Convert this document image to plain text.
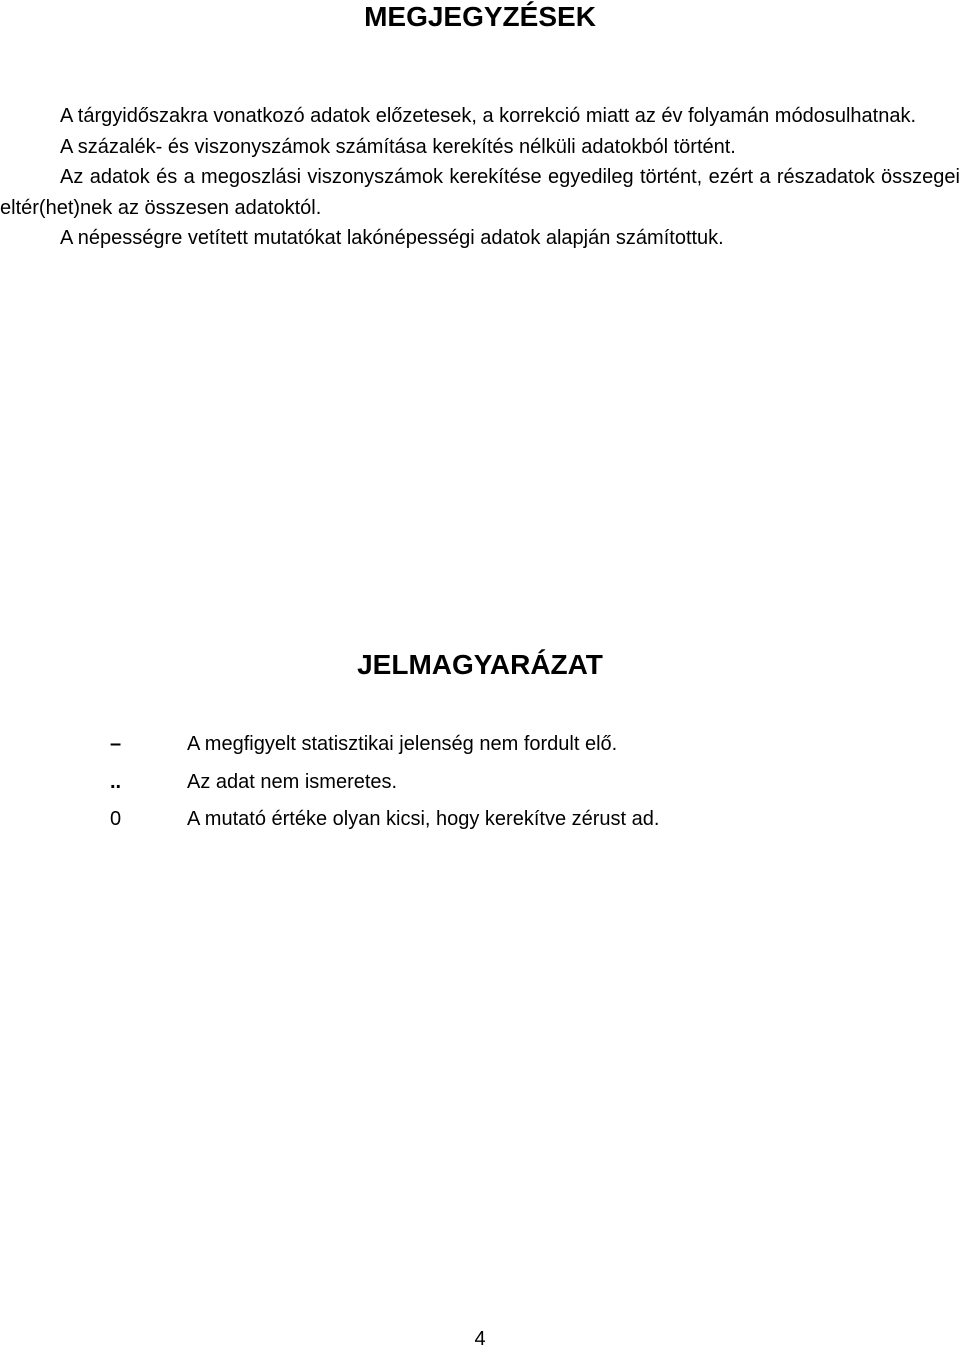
MEGJEGYZÉSEK

A tárgyidőszakra vonatkozó adatok előzetesek, a korrekció miatt az év folyamán módosulhatnak.

A százalék- és viszonyszámok számítása kerekítés nélküli adatokból történt.

Az adatok és a megoszlási viszonyszámok kerekítése egyedileg történt, ezért a részadatok összegei eltér(het)nek az összesen adatoktól.

A népességre vetített mutatókat lakónépességi adatok alapján számítottuk.

JELMAGYARÁZAT
–	A megfigyelt statisztikai jelenség nem fordult elő.
..	Az adat nem ismeretes.
0	A mutató értéke olyan kicsi, hogy kerekítve zérust ad.
4
